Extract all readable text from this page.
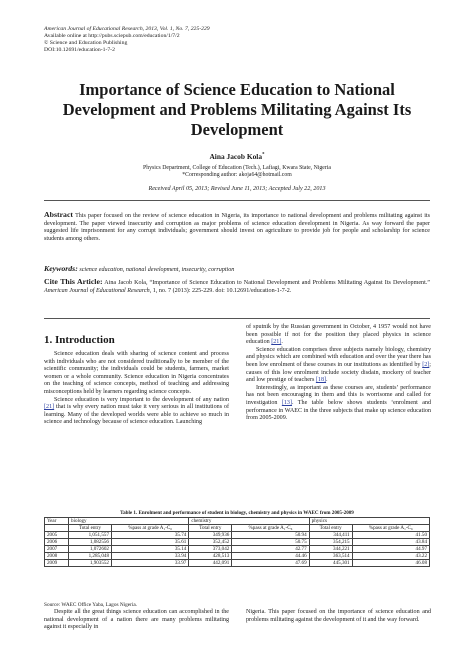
American Journal of Educational Research, 2013, Vol. 1, No. 7, 225-229
Available online at http://pubs.sciepub.com/education/1/7/2
© Science and Education Publishing
DOI:10.12691/education-1-7-2
Importance of Science Education to National Development and Problems Militating Against Its Development
Aina Jacob Kola*
Physics Department, College of Education (Tech.), Lafiagi, Kwara State, Nigeria
*Corresponding author: akoja64@hotmail.com
Received April 05, 2013; Revised June 11, 2013; Accepted July 22, 2013
Abstract This paper focused on the review of science education in Nigeria, its importance to national development and problems militating against its development. The paper viewed insecurity and corruption as major problems of science education development in Nigeria. As way forward the paper suggested life imprisonment for any corrupt individuals; government should invest on agriculture to provide job for people and scholarship for science students among others.
Keywords: science education, national development, insecurity, corruption
Cite This Article: Aina Jacob Kola, “Importance of Science Education to National Development and Problems Militating Against Its Development.” American Journal of Educational Research, 1, no. 7 (2013): 225-229. doi: 10.12691/education-1-7-2.
1. Introduction

Science education deals with sharing of science content and process with individuals who are not considered traditionally to be member of the scientific community; the individuals could be students, farmers, market women or a whole community. Science education in Nigeria concentrates on the teaching of science concepts, method of teaching and addressing misconceptions held by learners regarding science concepts.

Science education is very important to the development of any nation [21] that is why every nation must take it very serious in all institutions of learning. Many of the developed worlds were able to achieve so much in science and technology because of science education. Launching

of sputnik by the Russian government in October, 4 1957 would not have been possible if not for the position they placed physics in science education [21].

Science education comprises three subjects namely biology, chemistry and physics which are combined with education and over the year there has been low enrolment of these courses in our institutions as identified by [2]; causes of this low enrolment include society disdain, mockery of teacher and low prestige of teachers [18].

Interestingly, as important as these courses are, students’ performance has not been encouraging in them and this is worrisome and called for investigation [13]. The table below shows students ‘enrolment and performance in WAEC in the three subjects that make up science education from 2005-2009.

Table 1. Enrolment and performance of student in biology, chemistry and physics in WAEC from 2005-2009
Year	biology		chemistry		physics	
	Total entry	%pass at grade A₁-C₆	Total entry	%pass at grade A₁-C₆	Total entry	%pass at grade A₁-C₆
2005	1,051,557	35.74	349,936	50.94	344,411	41.50
2006	1,082556	35.61	352,452	50.75	354,215	43.84
2007	1,072602	35.14	373,042	42.77	344,221	44.97
2008	1,285,048	33.94	428,513	44.46	363,514	43.22
2009	1,903552	33.97	442,091	47.69	445,301	46.08
Source: WAEC Office Yaba, Lagos Nigeria.

Despite all the great things science education can accomplished in the national development of a nation there are many problems militating against it especially in

Nigeria. This paper focused on the importance of science education and problems militating against the development of it and the way forward.
